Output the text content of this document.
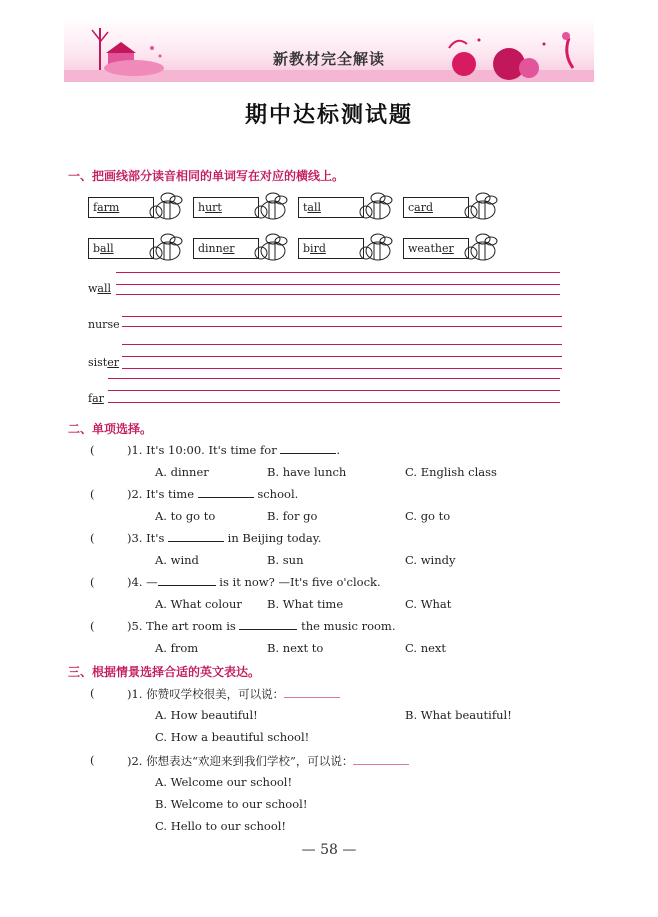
新教材完全解读
期中达标测试题
一、把画线部分读音相同的单词写在对应的横线上。
farm	hurt	tall	card
ball	dinner	bird	weather
wall
nurse
sister
far
二、单项选择。
(	)1. It's 10:00. It's time for	.
A. dinner	B. have lunch	C. English class
(	)2. It's time	school.
A. to go to	B. for go	C. go to
(	)3. It's	in Beijing today.
A. wind	B. sun	C. windy
(	)4. —	is it now? —It's five o'clock.
A. What colour B. What time	C. What
(	)5. The art room is	the music room.
A. from	B. next to	C. next
三、根据情景选择合适的英文表达。
(	)1. 你赞叹学校很美，可以说：
A. How beautiful!	B. What beautiful!
C. How a beautiful school!
(	)2. 你想表达“欢迎来到我们学校”，可以说：
A. Welcome our school!
B. Welcome to our school!
C. Hello to our school!
— 58 —
